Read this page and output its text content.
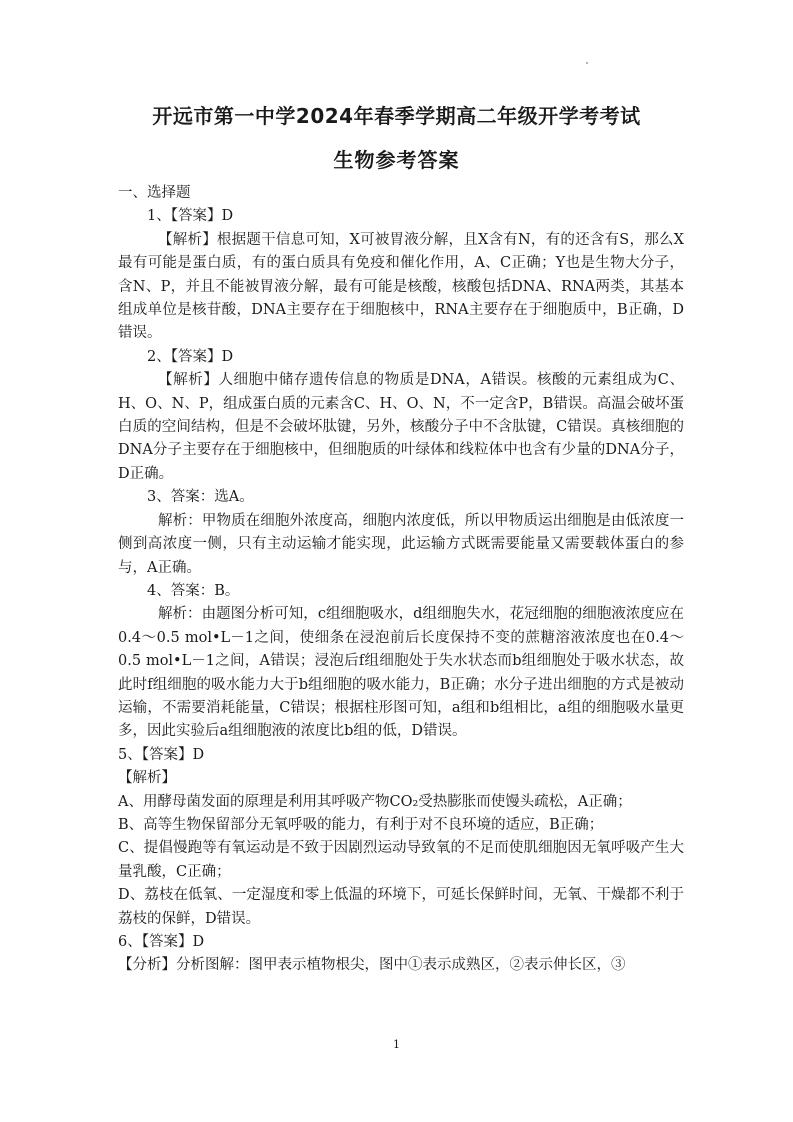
开远市第一中学2024年春季学期高二年级开学考考试
生物参考答案

一、选择题

1、【答案】D

【解析】根据题干信息可知，X可被胃液分解，且X含有N，有的还含有S，那么X最有可能是蛋白质，有的蛋白质具有免疫和催化作用，A、C正确；Y也是生物大分子，含N、P，并且不能被胃液分解，最有可能是核酸，核酸包括DNA、RNA两类，其基本组成单位是核苷酸，DNA主要存在于细胞核中，RNA主要存在于细胞质中，B正确，D错误。

2、【答案】D

【解析】人细胞中储存遗传信息的物质是DNA，A错误。核酸的元素组成为C、H、O、N、P，组成蛋白质的元素含C、H、O、N，不一定含P，B错误。高温会破坏蛋白质的空间结构，但是不会破坏肽键，另外，核酸分子中不含肽键，C错误。真核细胞的DNA分子主要存在于细胞核中，但细胞质的叶绿体和线粒体中也含有少量的DNA分子，D正确。

3、答案：选A。

解析：甲物质在细胞外浓度高，细胞内浓度低，所以甲物质运出细胞是由低浓度一侧到高浓度一侧，只有主动运输才能实现，此运输方式既需要能量又需要载体蛋白的参与，A正确。

4、答案：B。

解析：由题图分析可知，c组细胞吸水，d组细胞失水，花冠细胞的细胞液浓度应在0.4～0.5 mol•L－1之间，使细条在浸泡前后长度保持不变的蔗糖溶液浓度也在0.4～0.5 mol•L－1之间，A错误；浸泡后f组细胞处于失水状态而b组细胞处于吸水状态，故此时f组细胞的吸水能力大于b组细胞的吸水能力，B正确；水分子进出细胞的方式是被动运输，不需要消耗能量，C错误；根据柱形图可知，a组和b组相比，a组的细胞吸水量更多，因此实验后a组细胞液的浓度比b组的低，D错误。

5、【答案】D

【解析】

A、用酵母菌发面的原理是利用其呼吸产物CO₂受热膨胀而使馒头疏松，A正确；

B、高等生物保留部分无氧呼吸的能力，有利于对不良环境的适应，B正确；

C、提倡慢跑等有氧运动是不致于因剧烈运动导致氧的不足而使肌细胞因无氧呼吸产生大量乳酸，C正确；

D、荔枝在低氧、一定湿度和零上低温的环境下，可延长保鲜时间，无氧、干燥都不利于荔枝的保鲜，D错误。

6、【答案】D

【分析】分析图解：图甲表示植物根尖，图中①表示成熟区，②表示伸长区，③

1
